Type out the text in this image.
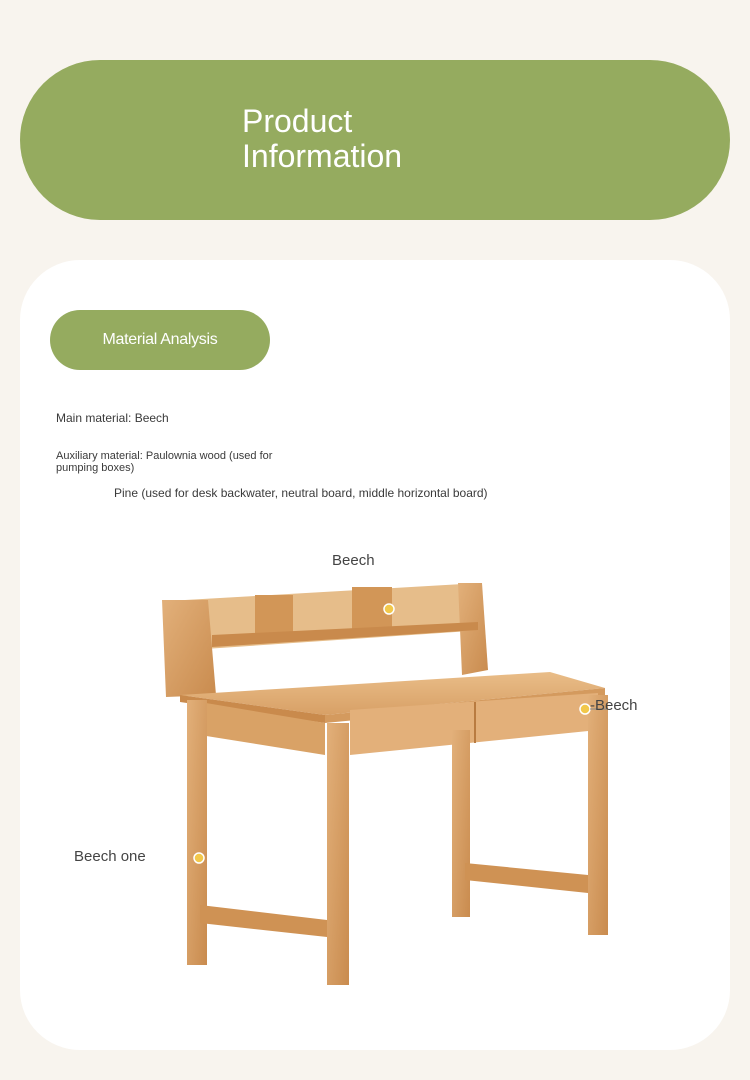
Product Information
Material Analysis
Main material: Beech
Auxiliary material: Paulownia wood (used for pumping boxes)
Pine (used for desk backwater, neutral board, middle horizontal board)
Beech
-Beech
Beech one
